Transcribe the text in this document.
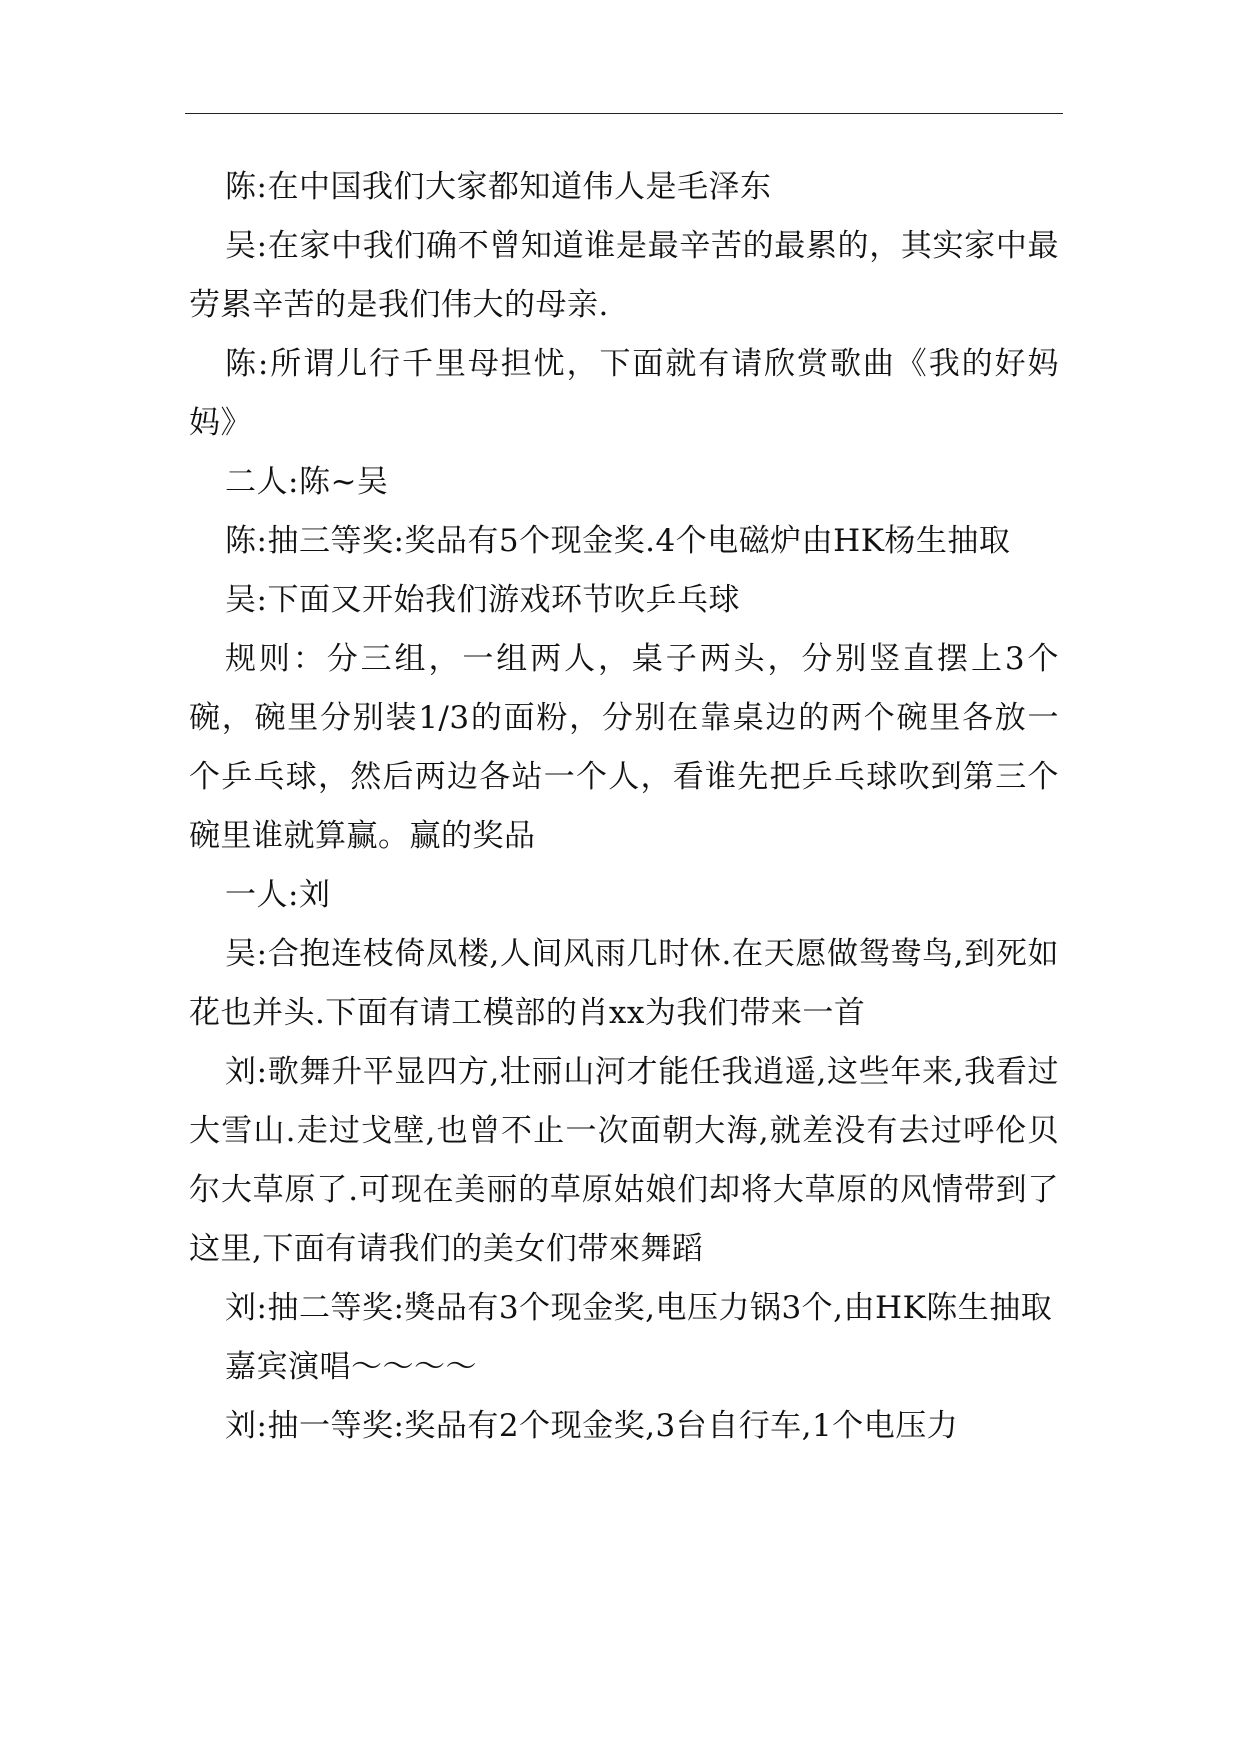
陈:在中国我们大家都知道伟人是毛泽东

吴:在家中我们确不曾知道谁是最辛苦的最累的，其实家中最劳累辛苦的是我们伟大的母亲.

陈:所谓儿行千里母担忧，下面就有请欣赏歌曲《我的好妈妈》

二人:陈~吴

陈:抽三等奖:奖品有5个现金奖.4个电磁炉由HK杨生抽取

吴:下面又开始我们游戏环节吹乒乓球

规则：分三组，一组两人，桌子两头，分别竖直摆上3个碗，碗里分别装1/3的面粉，分别在靠桌边的两个碗里各放一个乒乓球，然后两边各站一个人，看谁先把乒乓球吹到第三个碗里谁就算赢。赢的奖品

一人:刘

吴:合抱连枝倚凤楼,人间风雨几时休.在天愿做鸳鸯鸟,到死如花也并头.下面有请工模部的肖xx为我们带来一首

刘:歌舞升平显四方,壮丽山河才能任我逍遥,这些年来,我看过大雪山.走过戈壁,也曾不止一次面朝大海,就差没有去过呼伦贝尔大草原了.可现在美丽的草原姑娘们却将大草原的风情带到了这里,下面有请我们的美女们带來舞蹈

刘:抽二等奖:獎品有3个现金奖,电压力锅3个,由HK陈生抽取

嘉宾演唱～～～～

刘:抽一等奖:奖品有2个现金奖,3台自行车,1个电压力
